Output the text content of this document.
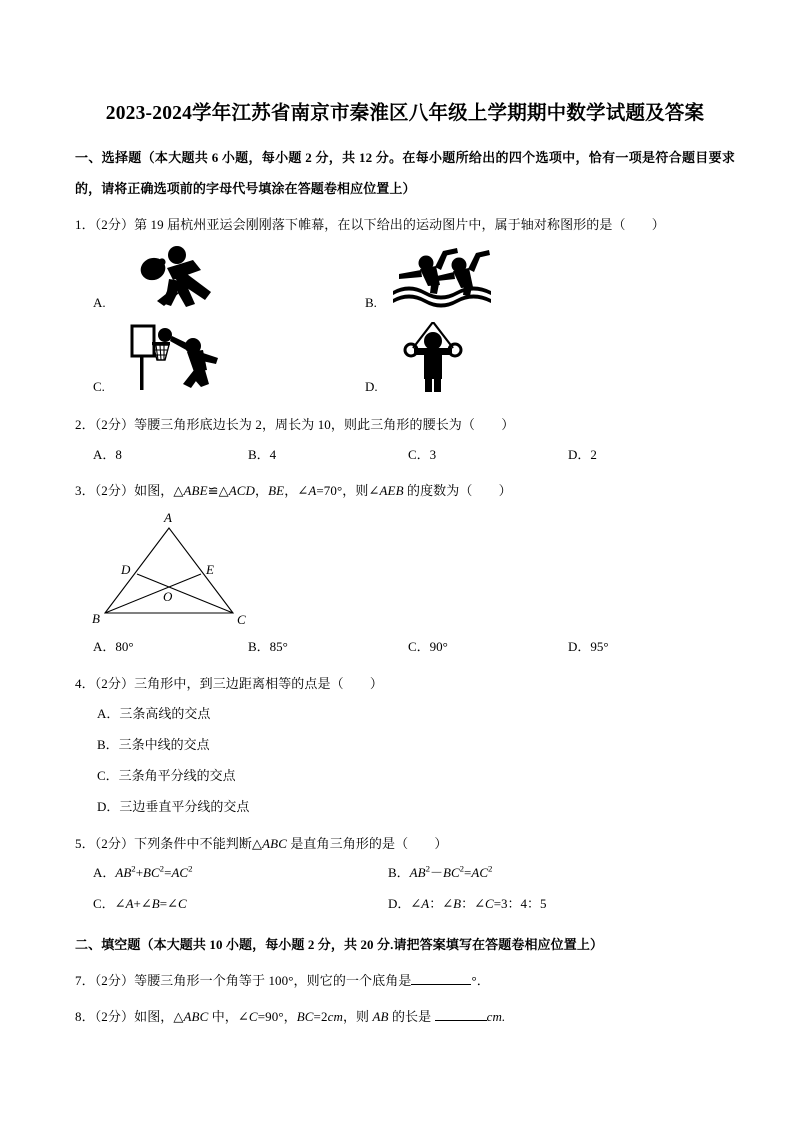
2023-2024学年江苏省南京市秦淮区八年级上学期期中数学试题及答案

一、选择题（本大题共 6 小题，每小题 2 分，共 12 分。在每小题所给出的四个选项中，恰有一项是符合题目要求的，请将正确选项前的字母代号填涂在答题卷相应位置上）

1．（2分）第 19 届杭州亚运会刚刚落下帷幕，在以下给出的运动图片中，属于轴对称图形的是（　　）

A.	B.
C.	D.

2．（2分）等腰三角形底边长为 2，周长为 10，则此三角形的腰长为（　　）

A．8	B．4	C．3	D．2

3．（2分）如图，△ABE≌△ACD，BE，∠A=70°，则∠AEB 的度数为（　　）

A
D	E
O
B	C
A．80°	B．85°	C．90°	D．95°

4．（2分）三角形中，到三边距离相等的点是（　　）

A．三条高线的交点
B．三条中线的交点
C．三条角平分线的交点
D．三边垂直平分线的交点

5．（2分）下列条件中不能判断△ABC 是直角三角形的是（　　）

A．$AB^2+BC^2=AC^2$	B．$AB^2-BC^2=AC^2$
C．∠A+∠B=∠C	D．∠A：∠B：∠C=3：4：5

二、填空题（本大题共 10 小题，每小题 2 分，共 20 分.请把答案填写在答题卷相应位置上）

7．（2分）等腰三角形一个角等于 100°，则它的一个底角是	°．

8．（2分）如图，△ABC 中，∠C=90°，BC=2cm，则 AB 的长是	cm.
